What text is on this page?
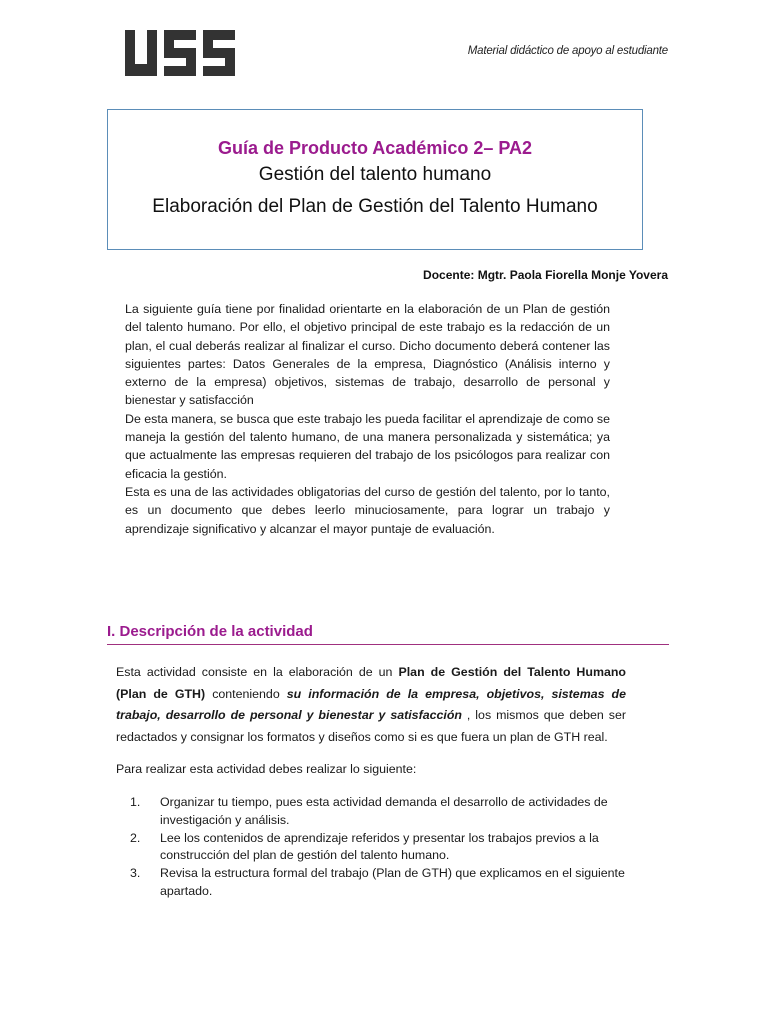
Material didáctico de apoyo al estudiante
Guía de Producto Académico 2– PA2
Gestión del talento humano
Elaboración del Plan de Gestión del Talento Humano
Docente: Mgtr. Paola Fiorella Monje Yovera

La siguiente guía tiene por finalidad orientarte en la elaboración de un Plan de gestión del talento humano. Por ello, el objetivo principal de este trabajo es la redacción de un plan, el cual deberás realizar al finalizar el curso. Dicho documento deberá contener las siguientes partes: Datos Generales de la empresa, Diagnóstico (Análisis interno y externo de la empresa) objetivos, sistemas de trabajo, desarrollo de personal y bienestar y satisfacción

De esta manera, se busca que este trabajo les pueda facilitar el aprendizaje de como se maneja la gestión del talento humano, de una manera personalizada y sistemática; ya que actualmente las empresas requieren del trabajo de los psicólogos para realizar con eficacia la gestión.

Esta es una de las actividades obligatorias del curso de gestión del talento, por lo tanto, es un documento que debes leerlo minuciosamente, para lograr un trabajo y aprendizaje significativo y alcanzar el mayor puntaje de evaluación.

I. Descripción de la actividad
Esta actividad consiste en la elaboración de un Plan de Gestión del Talento Humano (Plan de GTH) conteniendo su información de la empresa, objetivos, sistemas de trabajo, desarrollo de personal y bienestar y satisfacción , los mismos que deben ser redactados y consignar los formatos y diseños como si es que fuera un plan de GTH real.
Para realizar esta actividad debes realizar lo siguiente:
1. Organizar tu tiempo, pues esta actividad demanda el desarrollo de actividades de investigación y análisis.
2. Lee los contenidos de aprendizaje referidos y presentar los trabajos previos a la construcción del plan de gestión del talento humano.
3. Revisa la estructura formal del trabajo (Plan de GTH) que explicamos en el siguiente apartado.
